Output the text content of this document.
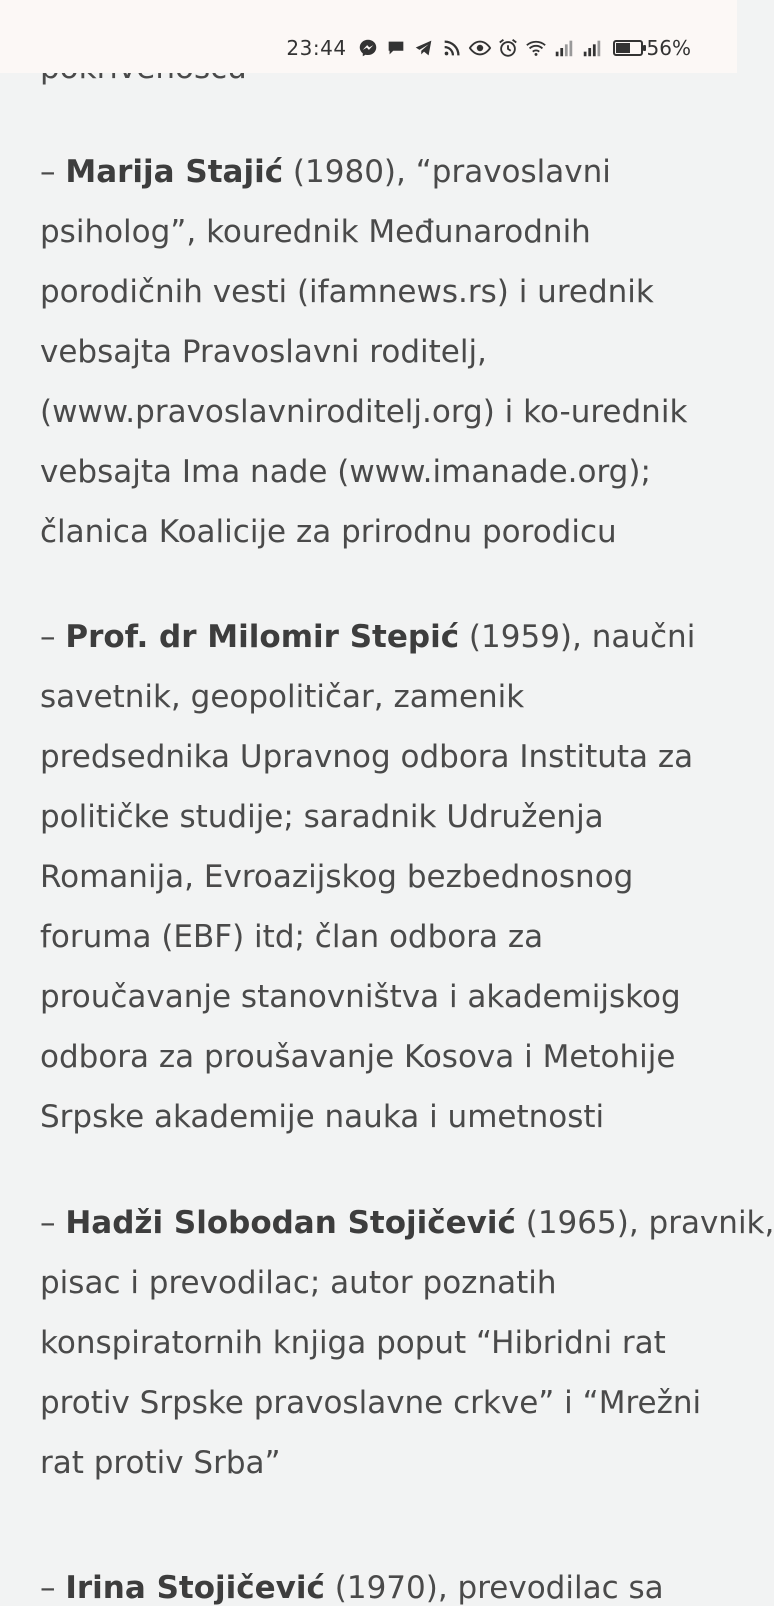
23:44	56%
– Marija Stajić (1980), “pravoslavni
psiholog”, kourednik Međunarodnih
porodičnih vesti (ifamnews.rs) i urednik
vebsajta Pravoslavni roditelj,
(www.pravoslavniroditelj.org) i ko-urednik
vebsajta Ima nade (www.imanade.org);
članica Koalicije za prirodnu porodicu
– Prof. dr Milomir Stepić (1959), naučni
savetnik, geopolitičar, zamenik
predsednika Upravnog odbora Instituta za
političke studije; saradnik Udruženja
Romanija, Evroazijskog bezbednosnog
foruma (EBF) itd; član odbora za
proučavanje stanovništva i akademijskog
odbora za proušavanje Kosova i Metohije
Srpske akademije nauka i umetnosti
– Hadži Slobodan Stojičević (1965), pravnik,
pisac i prevodilac; autor poznatih
konspiratornih knjiga poput “Hibridni rat
protiv Srpske pravoslavne crkve” i “Mrežni
rat protiv Srba”
– Irina Stojičević (1970), prevodilac sa
